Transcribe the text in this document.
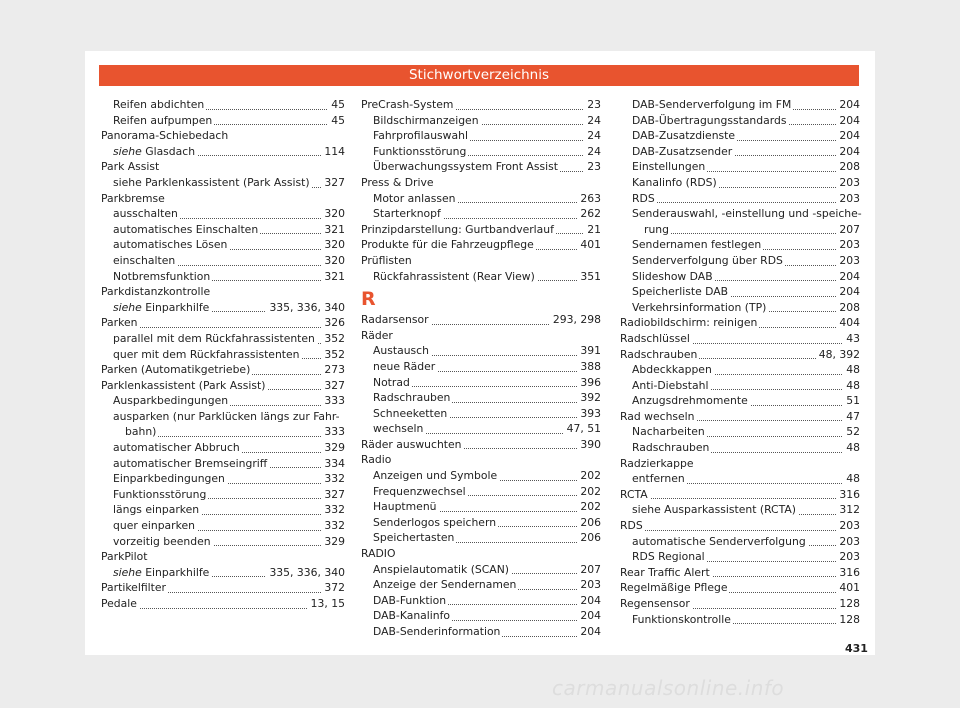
Stichwortverzeichnis
Reifen abdichten	45
Reifen aufpumpen	45
Panorama-Schiebedach
siehe Glasdach	114
Park Assist
siehe Parklenkassistent (Park Assist) 327
Parkbremse
ausschalten	320
automatisches Einschalten	321
automatisches Lösen	320
einschalten	320
Notbremsfunktion	321
Parkdistanzkontrolle
siehe Einparkhilfe	335, 336, 340
Parken	326
parallel mit dem Rückfahrassistenten 352
quer mit dem Rückfahrassistenten 352
Parken (Automatikgetriebe)	273
Parklenkassistent (Park Assist)	327
Ausparkbedingungen	333
ausparken (nur Parklücken längs zur Fahr-
bahn)	333
automatischer Abbruch	329
automatischer Bremseingriff	334
Einparkbedingungen	332
Funktionsstörung	327
längs einparken	332
quer einparken	332
vorzeitig beenden	329
ParkPilot
siehe Einparkhilfe	335, 336, 340
Partikelfilter	372
Pedale	13, 15
PreCrash-System	23
Bildschirmanzeigen	24
Fahrprofilauswahl	24
Funktionsstörung	24
Überwachungssystem Front Assist	23
Press & Drive
Motor anlassen	263
Starterknopf	262
Prinzipdarstellung: Gurtbandverlauf	21
Produkte für die Fahrzeugpflege	401
Prüflisten
Rückfahrassistent (Rear View)	351
R
Radarsensor	293, 298
Räder
Austausch	391
neue Räder	388
Notrad	396
Radschrauben	392
Schneeketten	393
wechseln	47, 51
Räder auswuchten	390
Radio
Anzeigen und Symbole	202
Frequenzwechsel	202
Hauptmenü	202
Senderlogos speichern	206
Speichertasten	206
RADIO
Anspielautomatik (SCAN)	207
Anzeige der Sendernamen	203
DAB-Funktion	204
DAB-Kanalinfo	204
DAB-Senderinformation	204
DAB-Senderverfolgung im FM	204
DAB-Übertragungsstandards	204
DAB-Zusatzdienste	204
DAB-Zusatzsender	204
Einstellungen	208
Kanalinfo (RDS)	203
RDS	203
Senderauswahl, -einstellung und -speiche-
rung	207
Sendernamen festlegen	203
Senderverfolgung über RDS	203
Slideshow DAB	204
Speicherliste DAB	204
Verkehrsinformation (TP)	208
Radiobildschirm: reinigen	404
Radschlüssel	43
Radschrauben	48, 392
Abdeckkappen	48
Anti-Diebstahl	48
Anzugsdrehmomente	51
Rad wechseln	47
Nacharbeiten	52
Radschrauben	48
Radzierkappe
entfernen	48
RCTA	316
siehe Ausparkassistent (RCTA)	312
RDS	203
automatische Senderverfolgung	203
RDS Regional	203
Rear Traffic Alert	316
Regelmäßige Pflege	401
Regensensor	128
Funktionskontrolle	128
431
carmanualsonline.info
